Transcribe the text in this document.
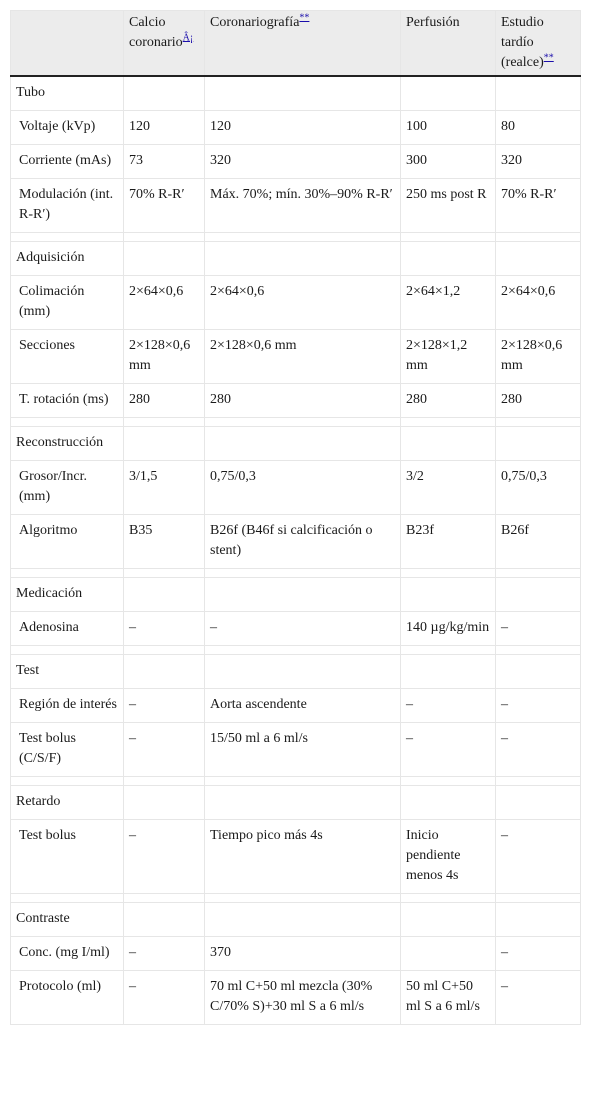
	Calcio coronario$^{Â¡}$	Coronariografía**	Perfusión	Estudio tardío (realce)**
Tubo				
Voltaje (kVp)	120	120	100	80
Corriente (mAs)	73	320	300	320
Modulación (int. R-R′)	70% R-R′	Máx. 70%; mín. 30%–90% R-R′	250 ms post R	70% R-R′

Adquisición				
Colimación (mm)	2×64×0,6	2×64×0,6	2×64×1,2	2×64×0,6
Secciones	2×128×0,6 mm	2×128×0,6 mm	2×128×1,2 mm	2×128×0,6 mm
T. rotación (ms)	280	280	280	280

Reconstrucción				
Grosor/Incr. (mm)	3/1,5	0,75/0,3	3/2	0,75/0,3
Algoritmo	B35	B26f (B46f si calcificación o stent)	B23f	B26f

Medicación				
Adenosina	–	–	140 µg/kg/min	–

Test				
Región de interés	–	Aorta ascendente	–	–
Test bolus (C/S/F)	–	15/50 ml a 6 ml/s	–	–

Retardo				
Test bolus	–	Tiempo pico más 4s	Inicio pendiente menos 4s	–

Contraste				
Conc. (mg I/ml)	–	370		–
Protocolo (ml)	–	70 ml C+50 ml mezcla (30% C/70% S)+30 ml S a 6 ml/s	50 ml C+50 ml S a 6 ml/s	–
